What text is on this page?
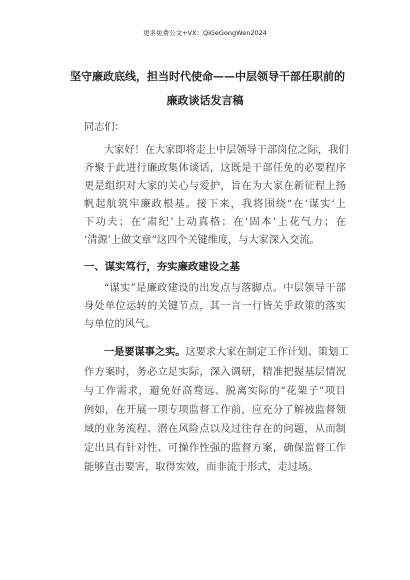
更多免费公文+VX：QiGeGongWen2024
坚守廉政底线，担当时代使命——中层领导干部任职前的
廉政谈话发言稿
同志们：
大家好！在大家即将走上中层领导干部岗位之际，我们
齐聚于此进行廉政集体谈话，这既是干部任免的必要程序
更是组织对大家的关心与爱护，旨在为大家在新征程上扬
帆起航筑牢廉政根基。接下来，我将围绕“在‘谋实’上
下功夫；在‘肃纪’上动真格；在‘固本’上花气力；在
‘清源’上做文章”这四个关键维度，与大家深入交流。
一、谋实笃行，夯实廉政建设之基
“谋实”是廉政建设的出发点与落脚点。中层领导干部
身处单位运转的关键节点，其一言一行皆关乎政策的落实
与单位的风气。
一是要谋事之实。这要求大家在制定工作计划、策划工
作方案时，务必立足实际，深入调研，精准把握基层情况
与工作需求，避免好高骛远、脱离实际的“花架子”项目
例如，在开展一项专项监督工作前，应充分了解被监督领
域的业务流程、潜在风险点以及过往存在的问题，从而制
定出具有针对性、可操作性强的监督方案，确保监督工作
能够直击要害，取得实效，而非流于形式，走过场。
